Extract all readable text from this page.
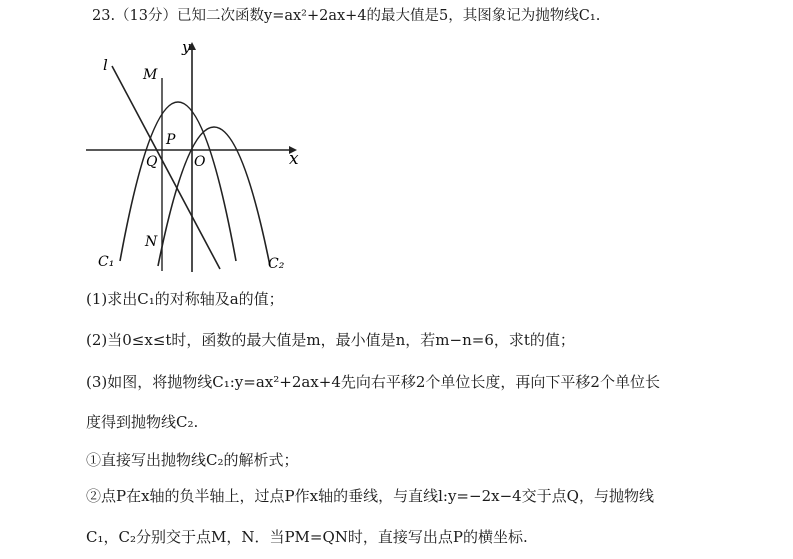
23.（13分）已知二次函数y=ax²+2ax+4的最大值是5，其图象记为抛物线C₁.
y
x
O
l
M
P
Q
N
C₁	C₂
(1)求出C₁的对称轴及a的值；
(2)当0≤x≤t时，函数的最大值是m，最小值是n，若m−n=6，求t的值；
(3)如图，将抛物线C₁:y=ax²+2ax+4先向右平移2个单位长度，再向下平移2个单位长
度得到抛物线C₂.
①直接写出抛物线C₂的解析式；
②点P在x轴的负半轴上，过点P作x轴的垂线，与直线l:y=−2x−4交于点Q，与抛物线
C₁，C₂分别交于点M，N．当PM=QN时，直接写出点P的横坐标.
